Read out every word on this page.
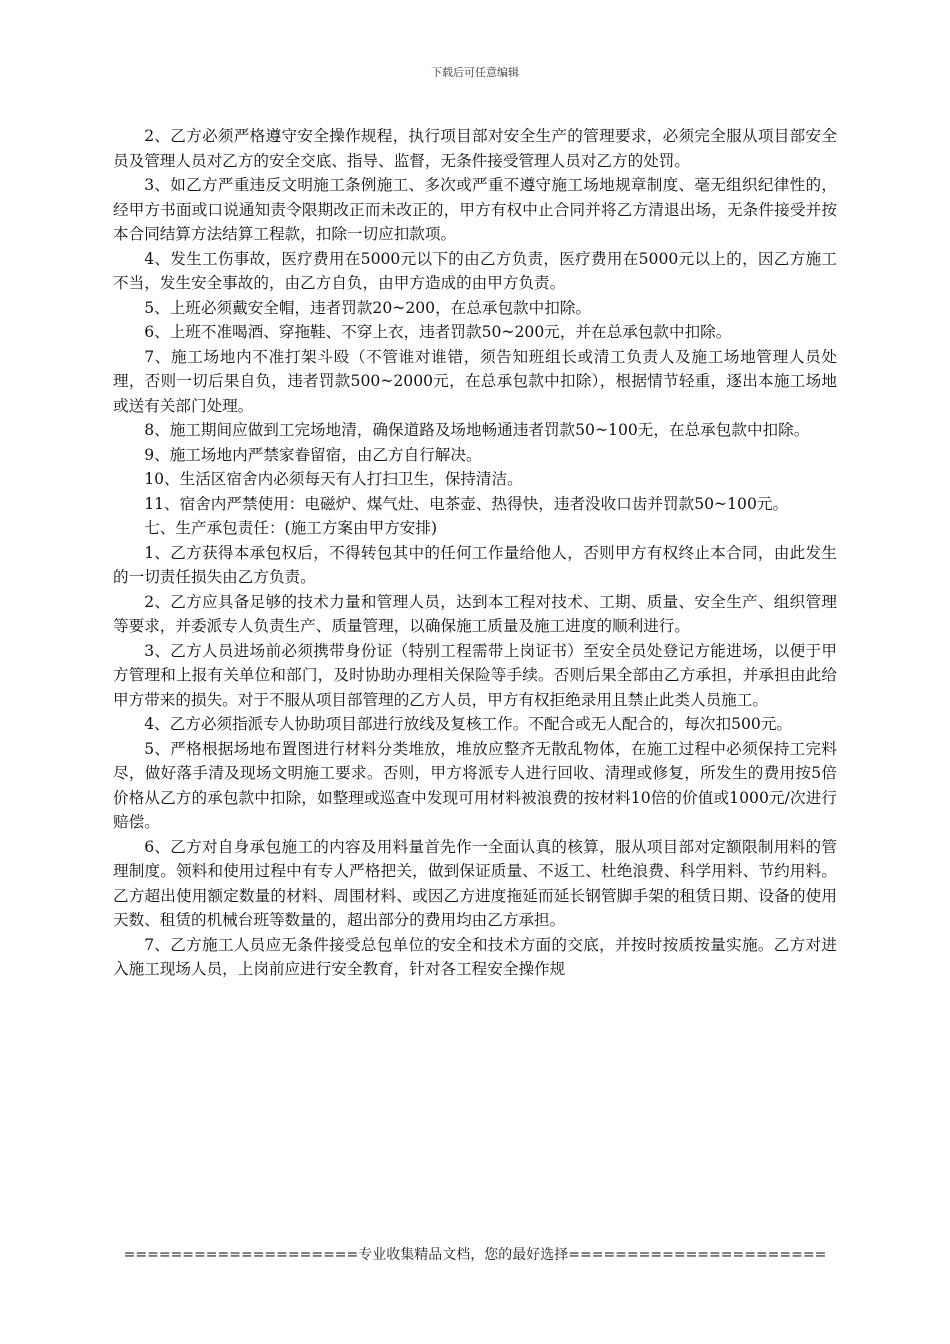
下载后可任意编辑

2、乙方必须严格遵守安全操作规程，执行项目部对安全生产的管理要求，必须完全服从项目部安全员及管理人员对乙方的安全交底、指导、监督，无条件接受管理人员对乙方的处罚。

3、如乙方严重违反文明施工条例施工、多次或严重不遵守施工场地规章制度、毫无组织纪律性的，经甲方书面或口说通知责令限期改正而未改正的，甲方有权中止合同并将乙方清退出场，无条件接受并按本合同结算方法结算工程款，扣除一切应扣款项。

4、发生工伤事故，医疗费用在5000元以下的由乙方负责，医疗费用在5000元以上的，因乙方施工不当，发生安全事故的，由乙方自负，由甲方造成的由甲方负责。

5、上班必须戴安全帽，违者罚款20~200，在总承包款中扣除。

6、上班不准喝酒、穿拖鞋、不穿上衣，违者罚款50~200元，并在总承包款中扣除。

7、施工场地内不准打架斗殴（不管谁对谁错，须告知班组长或清工负责人及施工场地管理人员处理，否则一切后果自负，违者罚款500~2000元，在总承包款中扣除），根据情节轻重，逐出本施工场地或送有关部门处理。

8、施工期间应做到工完场地清，确保道路及场地畅通违者罚款50~100无，在总承包款中扣除。

9、施工场地内严禁家眷留宿，由乙方自行解决。

10、生活区宿舍内必须每天有人打扫卫生，保持清洁。

11、宿舍内严禁使用：电磁炉、煤气灶、电茶壶、热得快，违者没收口齿并罚款50~100元。

七、生产承包责任：(施工方案由甲方安排)

1、乙方获得本承包权后，不得转包其中的任何工作量给他人，否则甲方有权终止本合同，由此发生的一切责任损失由乙方负责。

2、乙方应具备足够的技术力量和管理人员，达到本工程对技术、工期、质量、安全生产、组织管理等要求，并委派专人负责生产、质量管理，以确保施工质量及施工进度的顺利进行。

3、乙方人员进场前必须携带身份证（特别工程需带上岗证书）至安全员处登记方能进场，以便于甲方管理和上报有关单位和部门，及时协助办理相关保险等手续。否则后果全部由乙方承担，并承担由此给甲方带来的损失。对于不服从项目部管理的乙方人员，甲方有权拒绝录用且禁止此类人员施工。

4、乙方必须指派专人协助项目部进行放线及复核工作。不配合或无人配合的，每次扣500元。

5、严格根据场地布置图进行材料分类堆放，堆放应整齐无散乱物体，在施工过程中必须保持工完料尽，做好落手清及现场文明施工要求。否则，甲方将派专人进行回收、清理或修复，所发生的费用按5倍价格从乙方的承包款中扣除，如整理或巡查中发现可用材料被浪费的按材料10倍的价值或1000元/次进行赔偿。

6、乙方对自身承包施工的内容及用料量首先作一全面认真的核算，服从项目部对定额限制用料的管理制度。领料和使用过程中有专人严格把关，做到保证质量、不返工、杜绝浪费、科学用料、节约用料。乙方超出使用额定数量的材料、周围材料、或因乙方进度拖延而延长钢管脚手架的租赁日期、设备的使用天数、租赁的机械台班等数量的，超出部分的费用均由乙方承担。

7、乙方施工人员应无条件接受总包单位的安全和技术方面的交底，并按时按质按量实施。乙方对进入施工现场人员，上岗前应进行安全教育，针对各工程安全操作规

====================专业收集精品文档，您的最好选择======================
